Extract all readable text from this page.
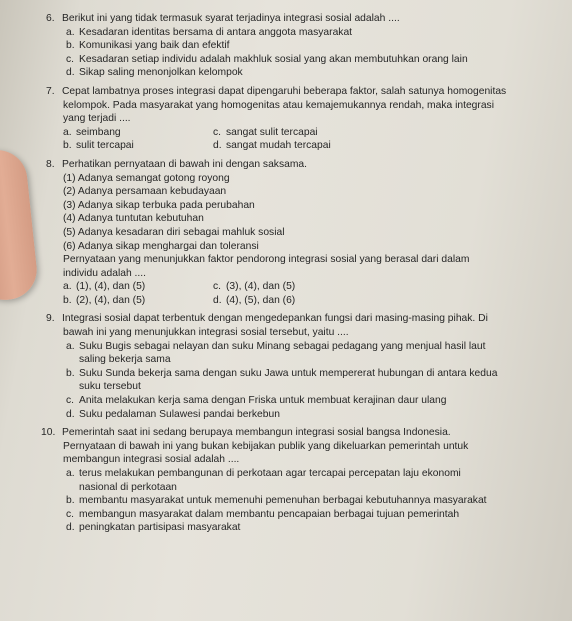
6. Berikut ini yang tidak termasuk syarat terjadinya integrasi sosial adalah ....
a. Kesadaran identitas bersama di antara anggota masyarakat
b. Komunikasi yang baik dan efektif
c. Kesadaran setiap individu adalah makhluk sosial yang akan membutuhkan orang lain
d. Sikap saling menonjolkan kelompok
7. Cepat lambatnya proses integrasi dapat dipengaruhi beberapa faktor, salah satunya homogenitas
kelompok. Pada masyarakat yang homogenitas atau kemajemukannya rendah, maka integrasi
yang terjadi ....
a. seimbang	c. sangat sulit tercapai
b. sulit tercapai	d. sangat mudah tercapai
8. Perhatikan pernyataan di bawah ini dengan saksama.
(1) Adanya semangat gotong royong
(2) Adanya persamaan kebudayaan
(3) Adanya sikap terbuka pada perubahan
(4) Adanya tuntutan kebutuhan
(5) Adanya kesadaran diri sebagai mahluk sosial
(6) Adanya sikap menghargai dan toleransi
Pernyataan yang menunjukkan faktor pendorong integrasi sosial yang berasal dari dalam
individu adalah ....
a. (1), (4), dan (5)	c. (3), (4), dan (5)
b. (2), (4), dan (5)	d. (4), (5), dan (6)
9. Integrasi sosial dapat terbentuk dengan mengedepankan fungsi dari masing-masing pihak. Di
bawah ini yang menunjukkan integrasi sosial tersebut, yaitu ....
a. Suku Bugis sebagai nelayan dan suku Minang sebagai pedagang yang menjual hasil laut
saling bekerja sama
b. Suku Sunda bekerja sama dengan suku Jawa untuk mempererat hubungan di antara kedua
suku tersebut
c. Anita melakukan kerja sama dengan Friska untuk membuat kerajinan daur ulang
d. Suku pedalaman Sulawesi pandai berkebun
10. Pemerintah saat ini sedang berupaya membangun integrasi sosial bangsa Indonesia.
Pernyataan di bawah ini yang bukan kebijakan publik yang dikeluarkan pemerintah untuk
membangun integrasi sosial adalah ....
a. terus melakukan pembangunan di perkotaan agar tercapai percepatan laju ekonomi
nasional di perkotaan
b. membantu masyarakat untuk memenuhi pemenuhan berbagai kebutuhannya masyarakat
c. membangun masyarakat dalam membantu pencapaian berbagai tujuan pemerintah
d. peningkatan partisipasi masyarakat
